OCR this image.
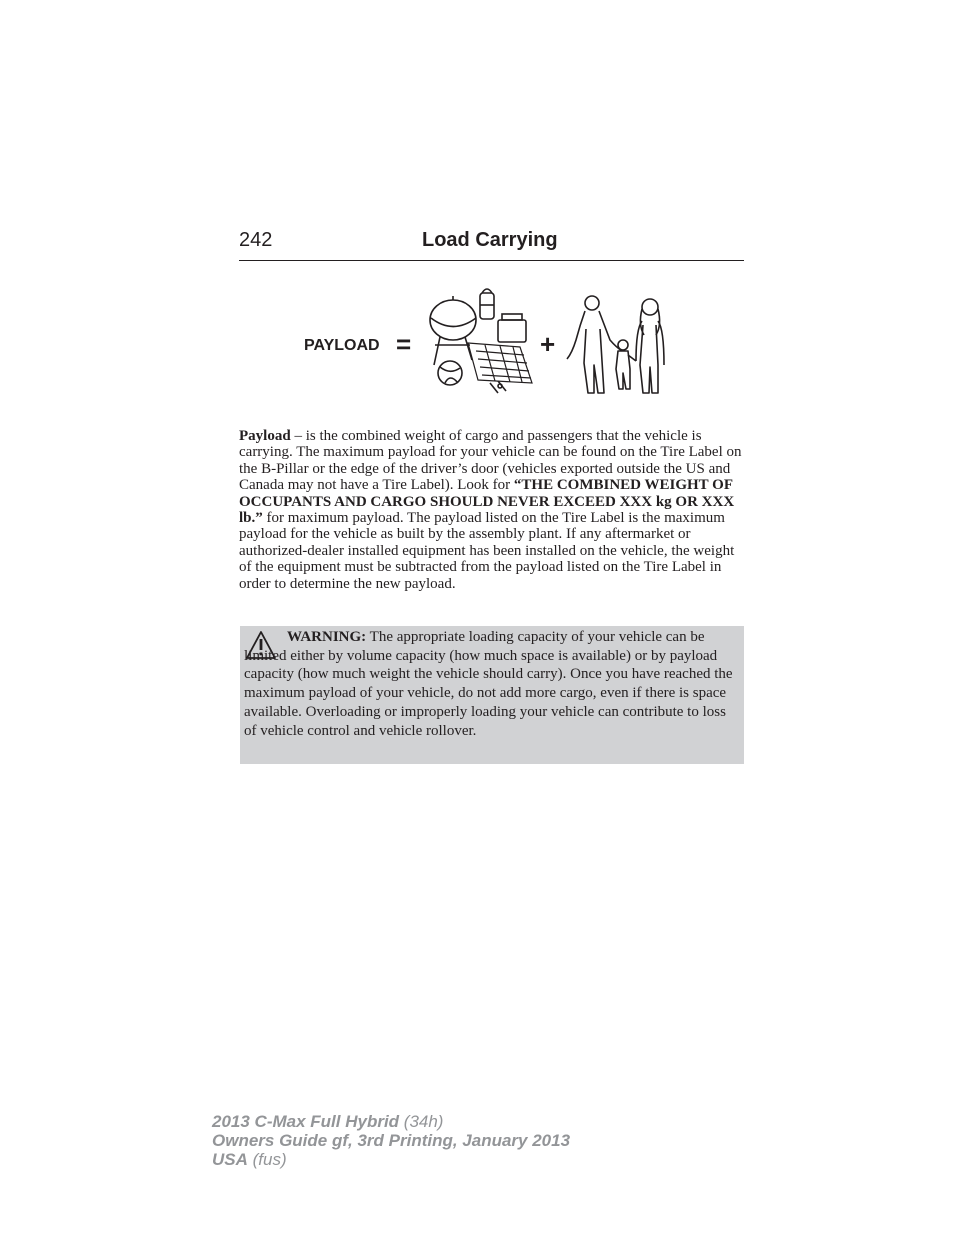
242	Load Carrying
PAYLOAD =	+
Payload – is the combined weight of cargo and passengers that the vehicle is carrying. The maximum payload for your vehicle can be found on the Tire Label on the B-Pillar or the edge of the driver’s door (vehicles exported outside the US and Canada may not have a Tire Label). Look for “THE COMBINED WEIGHT OF OCCUPANTS AND CARGO SHOULD NEVER EXCEED XXX kg OR XXX lb.” for maximum payload. The payload listed on the Tire Label is the maximum payload for the vehicle as built by the assembly plant. If any aftermarket or authorized-dealer installed equipment has been installed on the vehicle, the weight of the equipment must be subtracted from the payload listed on the Tire Label in order to determine the new payload.
WARNING: The appropriate loading capacity of your vehicle can be limited either by volume capacity (how much space is available) or by payload capacity (how much weight the vehicle should carry). Once you have reached the maximum payload of your vehicle, do not add more cargo, even if there is space available. Overloading or improperly loading your vehicle can contribute to loss of vehicle control and vehicle rollover.
2013 C-Max Full Hybrid (34h)
Owners Guide gf, 3rd Printing, January 2013
USA (fus)
